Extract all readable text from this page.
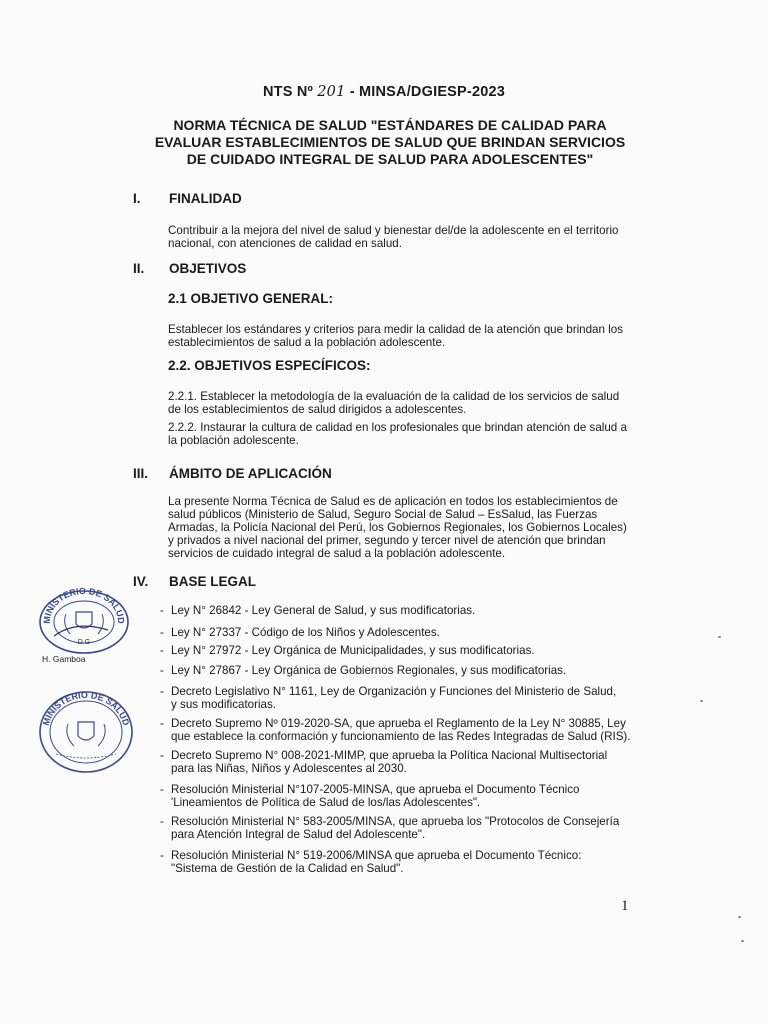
NTS Nº 201 - MINSA/DGIESP-2023
NORMA TÉCNICA DE SALUD "ESTÁNDARES DE CALIDAD PARA
EVALUAR ESTABLECIMIENTOS DE SALUD QUE BRINDAN SERVICIOS
DE CUIDADO INTEGRAL DE SALUD PARA ADOLESCENTES"
I. FINALIDAD
Contribuir a la mejora del nivel de salud y bienestar del/de la adolescente en el territorio
nacional, con atenciones de calidad en salud.
II. OBJETIVOS
2.1 OBJETIVO GENERAL:
Establecer los estándares y criterios para medir la calidad de la atención que brindan los
establecimientos de salud a la población adolescente.
2.2. OBJETIVOS ESPECÍFICOS:
2.2.1. Establecer la metodología de la evaluación de la calidad de los servicios de salud
de los establecimientos de salud dirigidos a adolescentes.
2.2.2. Instaurar la cultura de calidad en los profesionales que brindan atención de salud a
la población adolescente.
III. ÁMBITO DE APLICACIÓN
La presente Norma Técnica de Salud es de aplicación en todos los establecimientos de
salud públicos (Ministerio de Salud, Seguro Social de Salud – EsSalud, las Fuerzas
Armadas, la Policía Nacional del Perú, los Gobiernos Regionales, los Gobiernos Locales)
y privados a nivel nacional del primer, segundo y tercer nivel de atención que brindan
servicios de cuidado integral de salud a la población adolescente.
IV. BASE LEGAL
- Ley N° 26842 - Ley General de Salud, y sus modificatorias.
- Ley N° 27337 - Código de los Niños y Adolescentes.
- Ley N° 27972 - Ley Orgánica de Municipalidades, y sus modificatorias.
- Ley N° 27867 - Ley Orgánica de Gobiernos Regionales, y sus modificatorias.
- Decreto Legislativo N° 1161, Ley de Organización y Funciones del Ministerio de Salud,
y sus modificatorias.
- Decreto Supremo Nº 019-2020-SA, que aprueba el Reglamento de la Ley N° 30885, Ley
que establece la conformación y funcionamiento de las Redes Integradas de Salud (RIS).
- Decreto Supremo N° 008-2021-MIMP, que aprueba la Política Nacional Multisectorial
para las Niñas, Niños y Adolescentes al 2030.
- Resolución Ministerial N°107-2005-MINSA, que aprueba el Documento Técnico
'Lineamientos de Política de Salud de los/las Adolescentes".
- Resolución Ministerial N° 583-2005/MINSA, que aprueba los "Protocolos de Consejería
para Atención Integral de Salud del Adolescente".
- Resolución Ministerial N° 519-2006/MINSA que aprueba el Documento Técnico:
"Sistema de Gestión de la Calidad en Salud".
MINISTERIO DE SALUD
D.G
H. Gamboa
MINISTERIO DE SALUD
1
